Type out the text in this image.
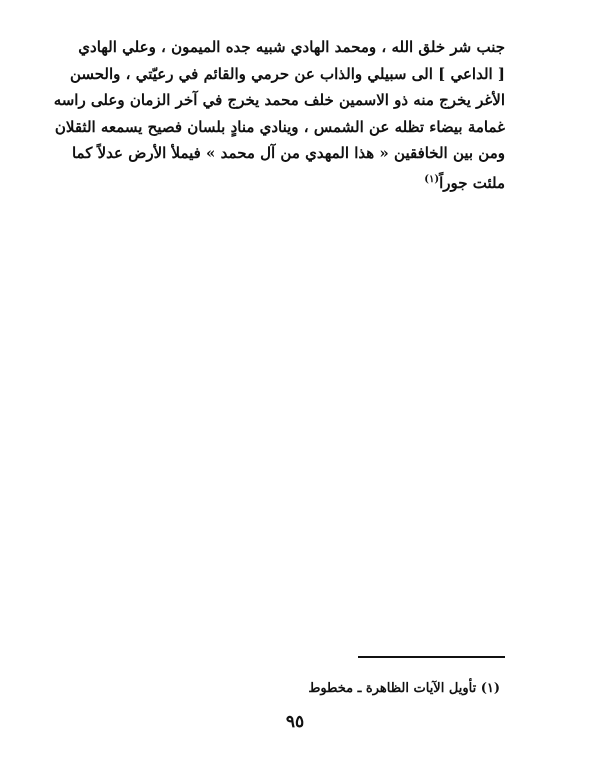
جنب شر خلق الله ، ومحمد الهادي شبيه جده الميمون ، وعلي الهادي
[ الداعي ] الى سبيلي والذاب عن حرمي والقائم في رعيّتي ، والحسن
الأغر يخرج منه ذو الاسمين خلف محمد يخرج في آخر الزمان وعلى راسه
غمامة بيضاء تظله عن الشمس ، وينادي منادٍ بلسان فصيح يسمعه الثقلان
ومن بين الخافقين « هذا المهدي من آل محمد » فيملأ الأرض عدلاً كما
ملئت جوراً$^{(١)}$
(١) تأويل الآيات الظاهرة ـ مخطوط
٩٥
